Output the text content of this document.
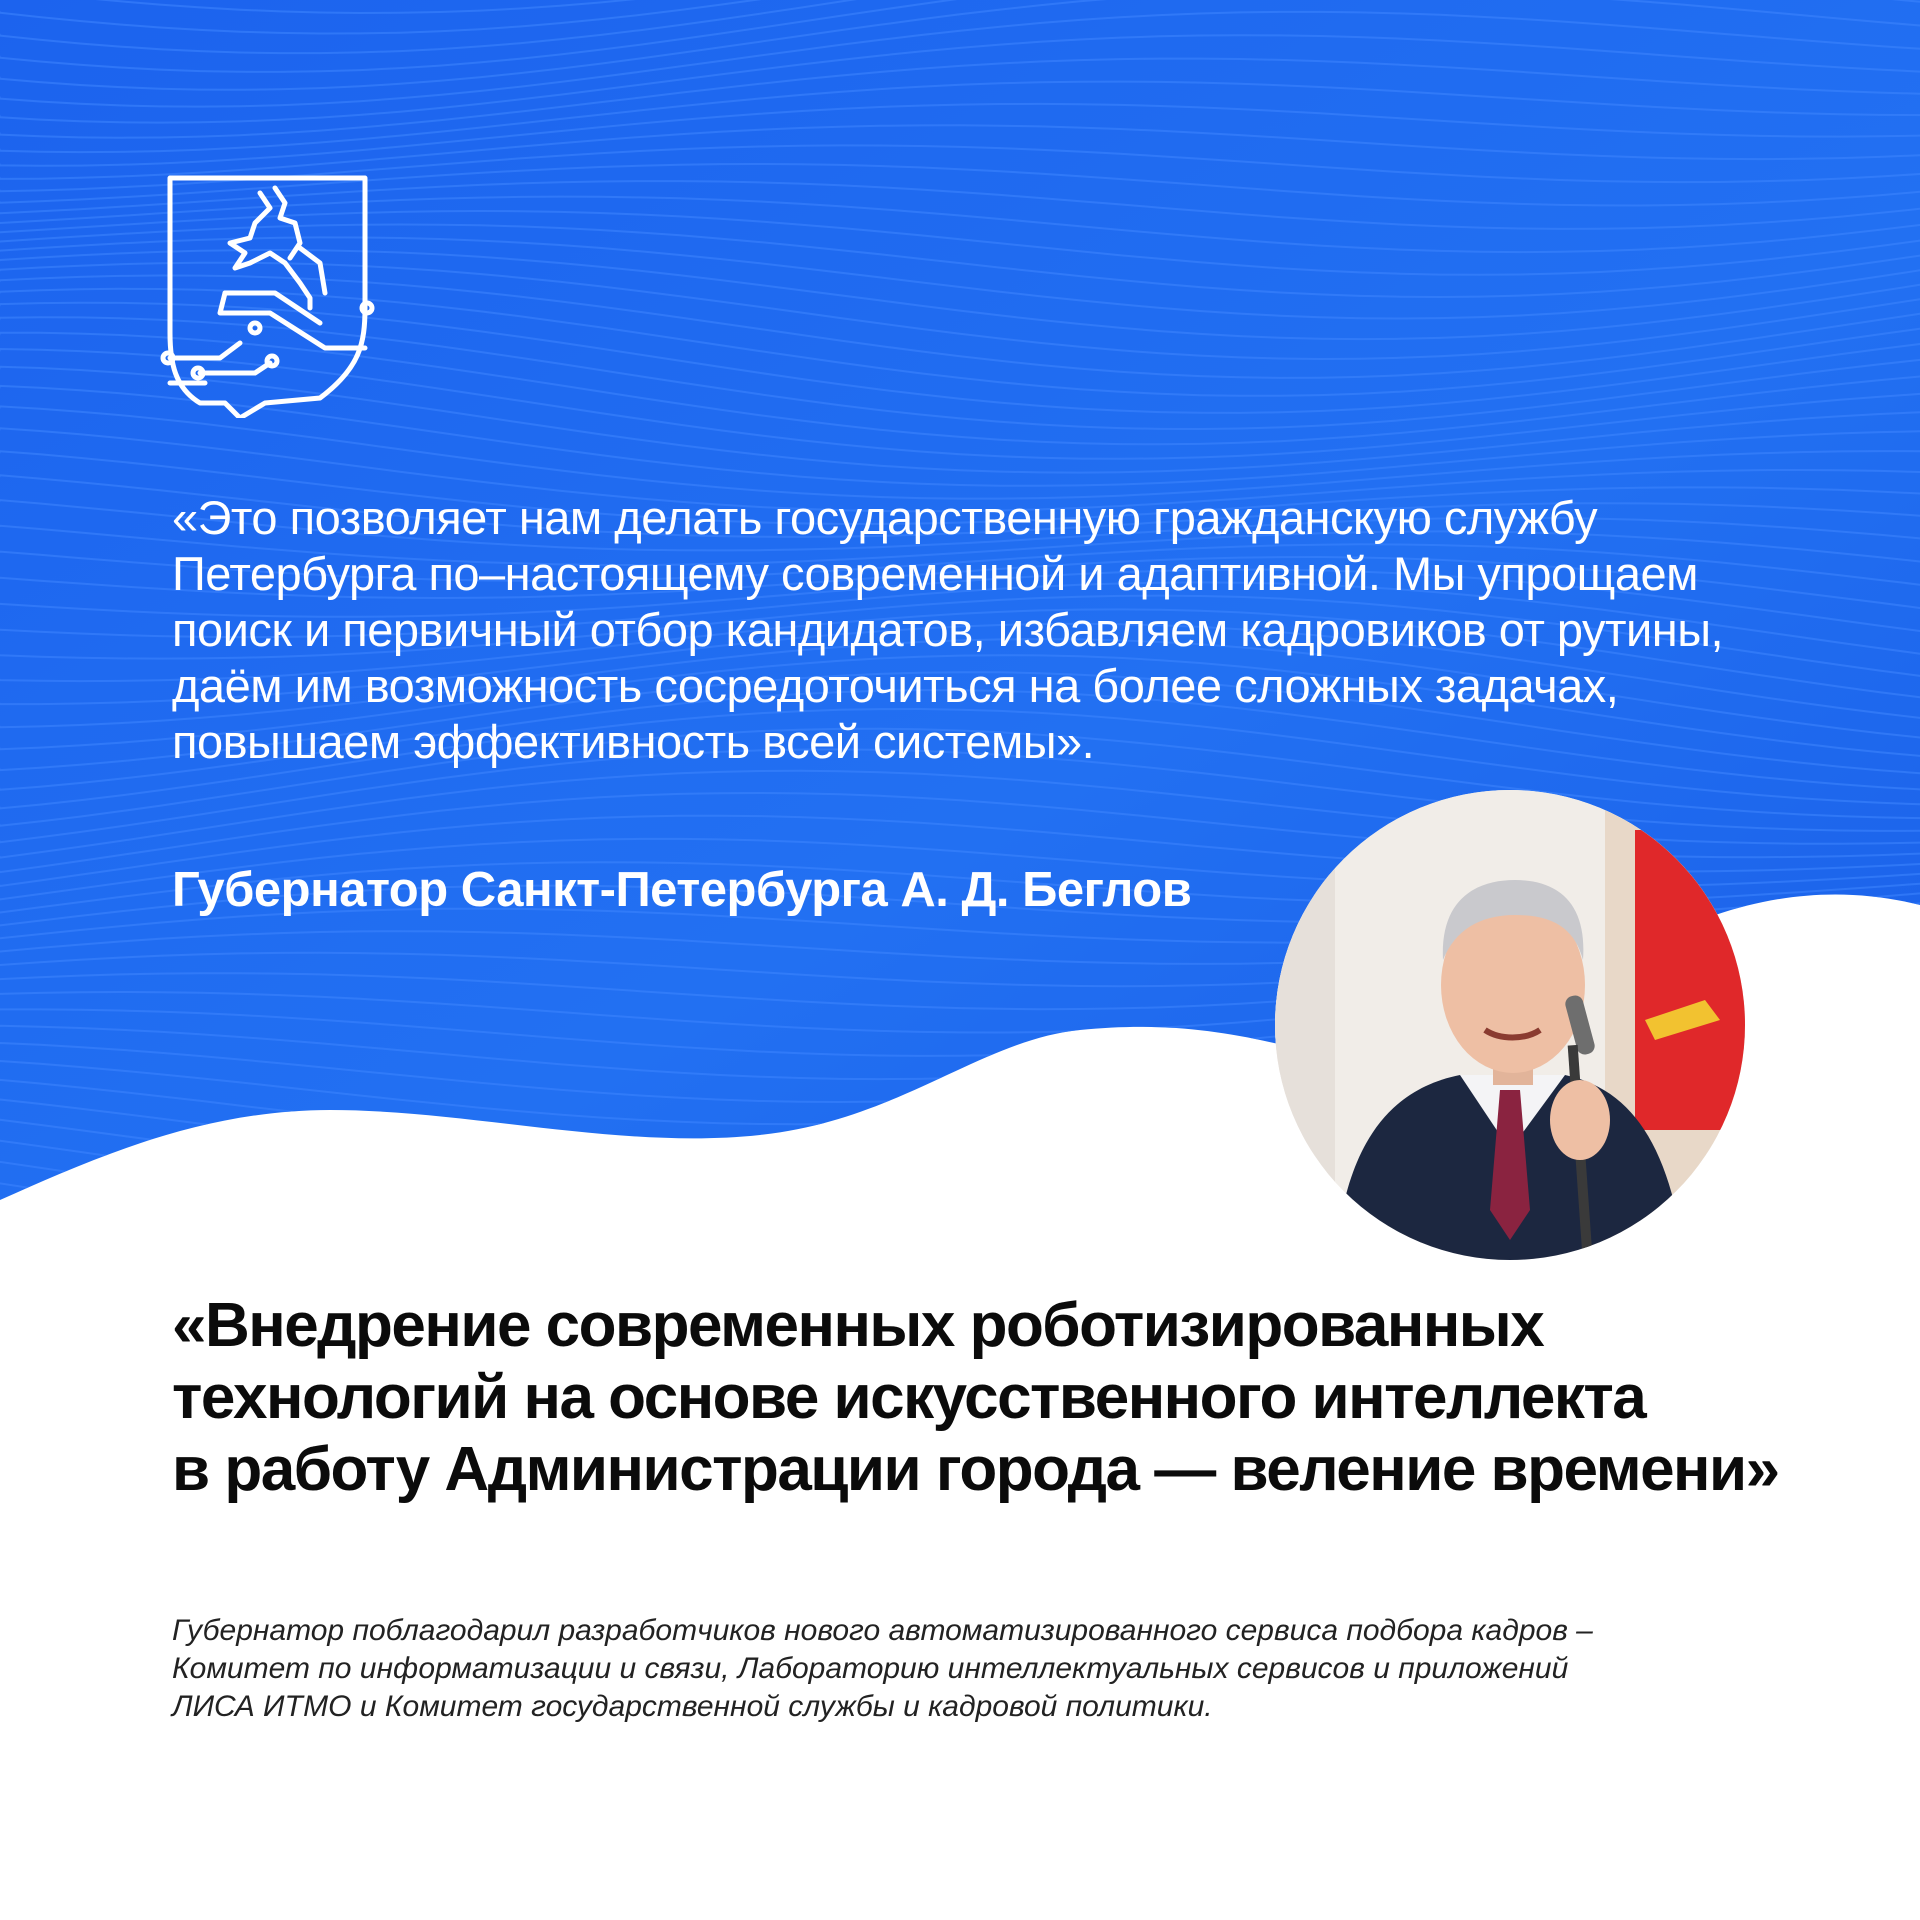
«Это позволяет нам делать государственную гражданскую службу
Петербурга по–настоящему современной и адаптивной. Мы упрощаем
поиск и первичный отбор кандидатов, избавляем кадровиков от рутины,
даём им возможность сосредоточиться на более сложных задачах,
повышаем эффективность всей системы».

Губернатор Санкт-Петербурга А. Д. Беглов
«Внедрение современных роботизированных
технологий на основе искусственного интеллекта
в работу Администрации города — веление времени»

Губернатор поблагодарил разработчиков нового автоматизированного сервиса подбора кадров –
Комитет по информатизации и связи, Лабораторию интеллектуальных сервисов и приложений
ЛИСА ИТМО и Комитет государственной службы и кадровой политики.
